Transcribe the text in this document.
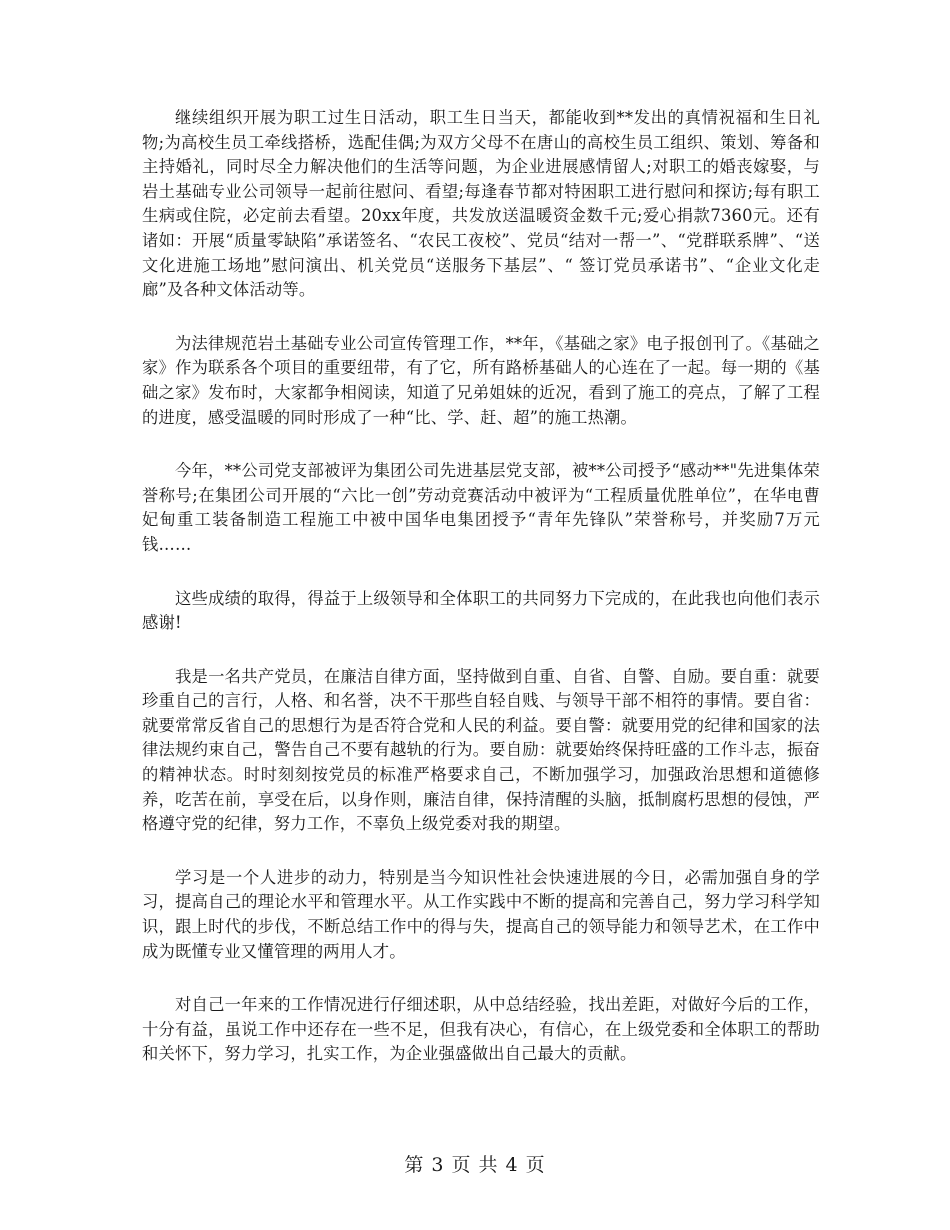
继续组织开展为职工过生日活动，职工生日当天，都能收到**发出的真情祝福和生日礼物;为高校生员工牵线搭桥，选配佳偶;为双方父母不在唐山的高校生员工组织、策划、筹备和主持婚礼，同时尽全力解决他们的生活等问题，为企业进展感情留人;对职工的婚丧嫁娶，与岩土基础专业公司领导一起前往慰问、看望;每逢春节都对特困职工进行慰问和探访;每有职工生病或住院，必定前去看望。20xx年度，共发放送温暖资金数千元;爱心捐款7360元。还有诸如：开展“质量零缺陷”承诺签名、“农民工夜校”、党员“结对一帮一”、“党群联系牌”、“送文化进施工场地”慰问演出、机关党员“送服务下基层”、“ 签订党员承诺书”、“企业文化走廊”及各种文体活动等。

为法律规范岩土基础专业公司宣传管理工作，**年，《基础之家》电子报创刊了。《基础之家》作为联系各个项目的重要纽带，有了它，所有路桥基础人的心连在了一起。每一期的《基础之家》发布时，大家都争相阅读，知道了兄弟姐妹的近况，看到了施工的亮点，了解了工程的进度，感受温暖的同时形成了一种“比、学、赶、超”的施工热潮。

今年，**公司党支部被评为集团公司先进基层党支部，被**公司授予“感动**"先进集体荣誉称号;在集团公司开展的“六比一创”劳动竞赛活动中被评为“工程质量优胜单位”，在华电曹妃甸重工装备制造工程施工中被中国华电集团授予“青年先锋队”荣誉称号，并奖励7万元钱……

这些成绩的取得，得益于上级领导和全体职工的共同努力下完成的，在此我也向他们表示感谢!

我是一名共产党员，在廉洁自律方面，坚持做到自重、自省、自警、自励。要自重：就要珍重自己的言行，人格、和名誉，决不干那些自轻自贱、与领导干部不相符的事情。要自省：就要常常反省自己的思想行为是否符合党和人民的利益。要自警：就要用党的纪律和国家的法律法规约束自己，警告自己不要有越轨的行为。要自励：就要始终保持旺盛的工作斗志，振奋的精神状态。时时刻刻按党员的标准严格要求自己，不断加强学习，加强政治思想和道德修养，吃苦在前，享受在后，以身作则，廉洁自律，保持清醒的头脑，抵制腐朽思想的侵蚀，严格遵守党的纪律，努力工作，不辜负上级党委对我的期望。

学习是一个人进步的动力，特别是当今知识性社会快速进展的今日，必需加强自身的学习，提高自己的理论水平和管理水平。从工作实践中不断的提高和完善自己，努力学习科学知识，跟上时代的步伐，不断总结工作中的得与失，提高自己的领导能力和领导艺术，在工作中成为既懂专业又懂管理的两用人才。

对自己一年来的工作情况进行仔细述职，从中总结经验，找出差距，对做好今后的工作，十分有益，虽说工作中还存在一些不足，但我有决心，有信心，在上级党委和全体职工的帮助和关怀下，努力学习，扎实工作，为企业强盛做出自己最大的贡献。

第 3 页 共 4 页
